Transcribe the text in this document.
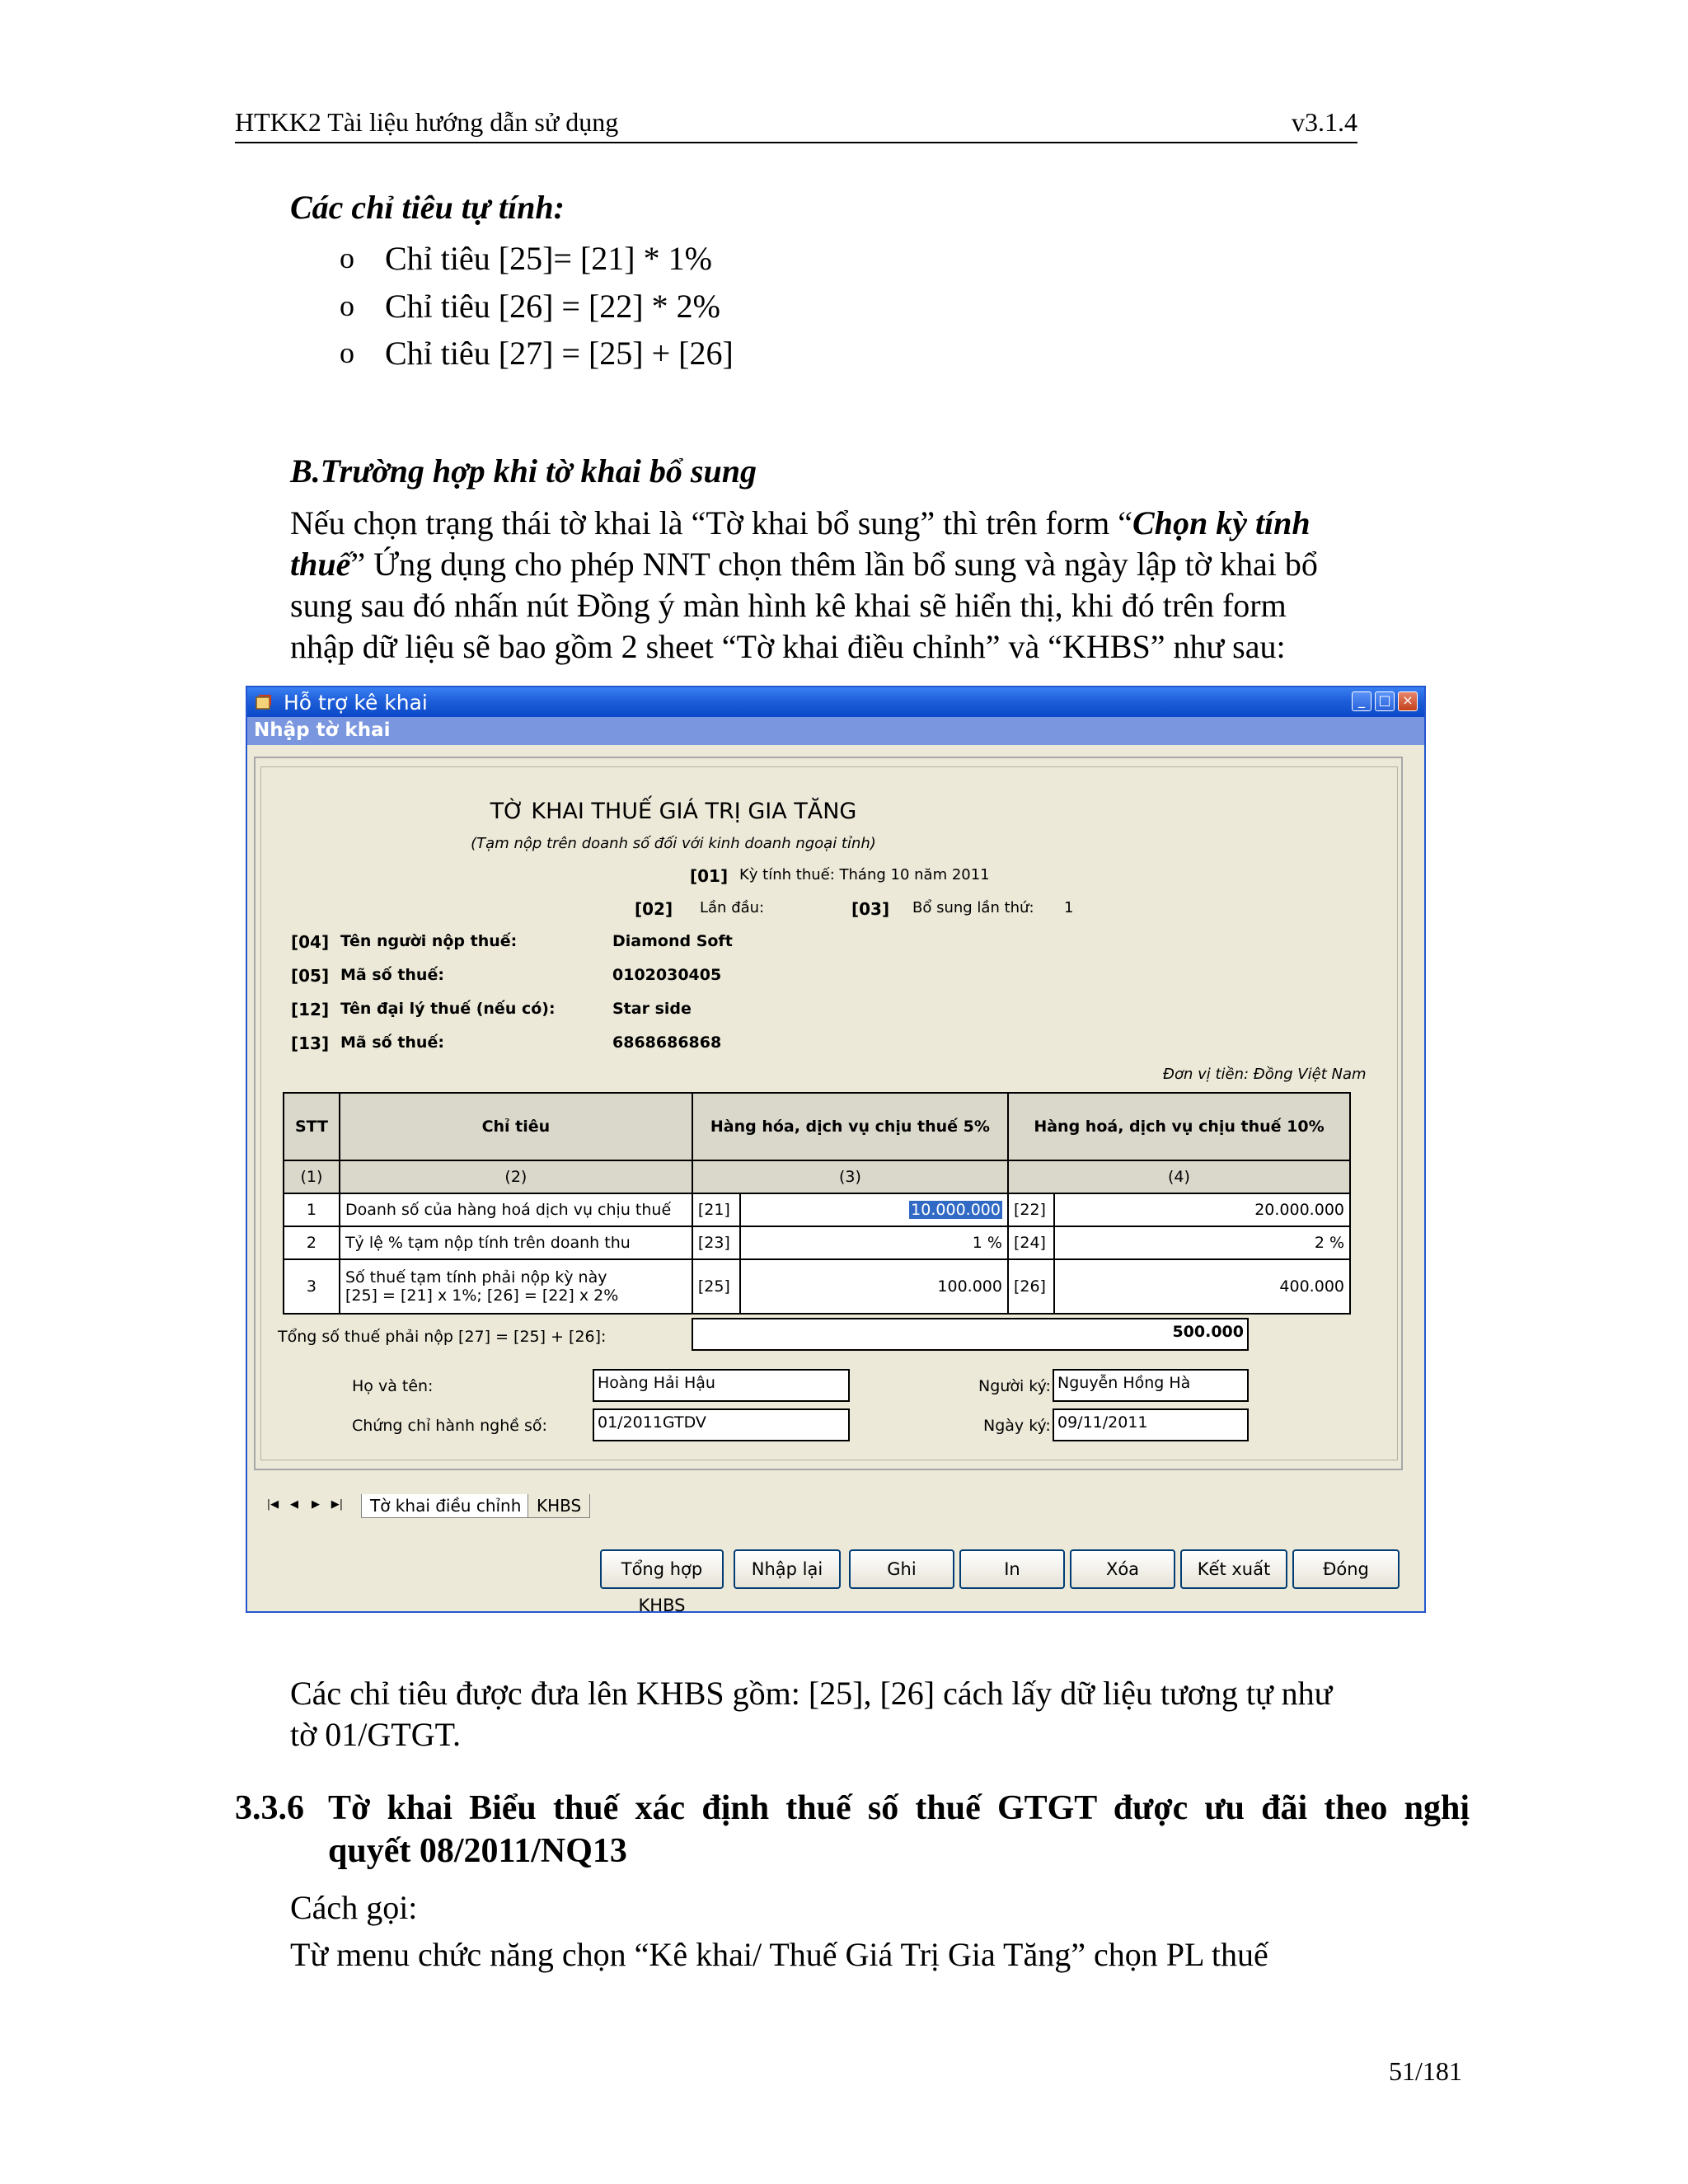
HTKK2 Tài liệu hướng dẫn sử dụng	v3.1.4
Các chỉ tiêu tự tính:
o Chỉ tiêu [25]= [21] * 1%
o Chỉ tiêu [26] = [22] * 2%
o Chỉ tiêu [27] = [25] + [26]
B.Trường hợp khi tờ khai bổ sung
Nếu chọn trạng thái tờ khai là “Tờ khai bổ sung” thì trên form “Chọn kỳ tính
thuế” Ứng dụng cho phép NNT chọn thêm lần bổ sung và ngày lập tờ khai bổ
sung sau đó nhấn nút Đồng ý màn hình kê khai sẽ hiển thị, khi đó trên form
nhập dữ liệu sẽ bao gồm 2 sheet “Tờ khai điều chỉnh” và “KHBS” như sau:
Hỗ trợ kê khai	_	□ ×
Nhập tờ khai
TỜ KHAI THUẾ GIÁ TRỊ GIA TĂNG
(Tạm nộp trên doanh số đối với kinh doanh ngoại tỉnh)
[01] Kỳ tính thuế: Tháng 10 năm 2011
[02] Lần đầu:	[03] Bổ sung lần thứ: 1
[04] Tên người nộp thuế:	Diamond Soft
[05] Mã số thuế:	0102030405
[12] Tên đại lý thuế (nếu có):	Star side
[13] Mã số thuế:	6868686868
Đơn vị tiền: Đồng Việt Nam
STT	Chỉ tiêu	Hàng hóa, dịch vụ chịu thuế 5%		Hàng hoá, dịch vụ chịu thuế 10%	
(1)	(2)	(3)		(4)	
1	Doanh số của hàng hoá dịch vụ chịu thuế	[21]	10.000.000	[22]	20.000.000
2	Tỷ lệ % tạm nộp tính trên doanh thu	[23]	1 %	[24]	2 %
3	Số thuế tạm tính phải nộp kỳ này
[25] = [21] x 1%; [26] = [22] x 2%	[25]	100.000	[26]	400.000
Tổng số thuế phải nộp [27] = [25] + [26]:	500.000
Họ và tên:	Hoàng Hải Hậu
Chứng chỉ hành nghề số:	01/2011GTDV
Người ký: Nguyễn Hồng Hà
Ngày ký: 09/11/2011
|◀	◀	▶	▶|	Tờ khai điều chỉnh KHBS
Tổng hợp KHBS
Nhập lại	Ghi	In	Xóa	Kết xuất	Đóng
Các chỉ tiêu được đưa lên KHBS gồm: [25], [26] cách lấy dữ liệu tương tự như
tờ 01/GTGT.
3.3.6 Tờ khai Biểu thuế xác định thuế số thuế GTGT được ưu đãi theo nghị
quyết 08/2011/NQ13
Cách gọi:
Từ menu chức năng chọn “Kê khai/ Thuế Giá Trị Gia Tăng” chọn PL thuế
51/181
